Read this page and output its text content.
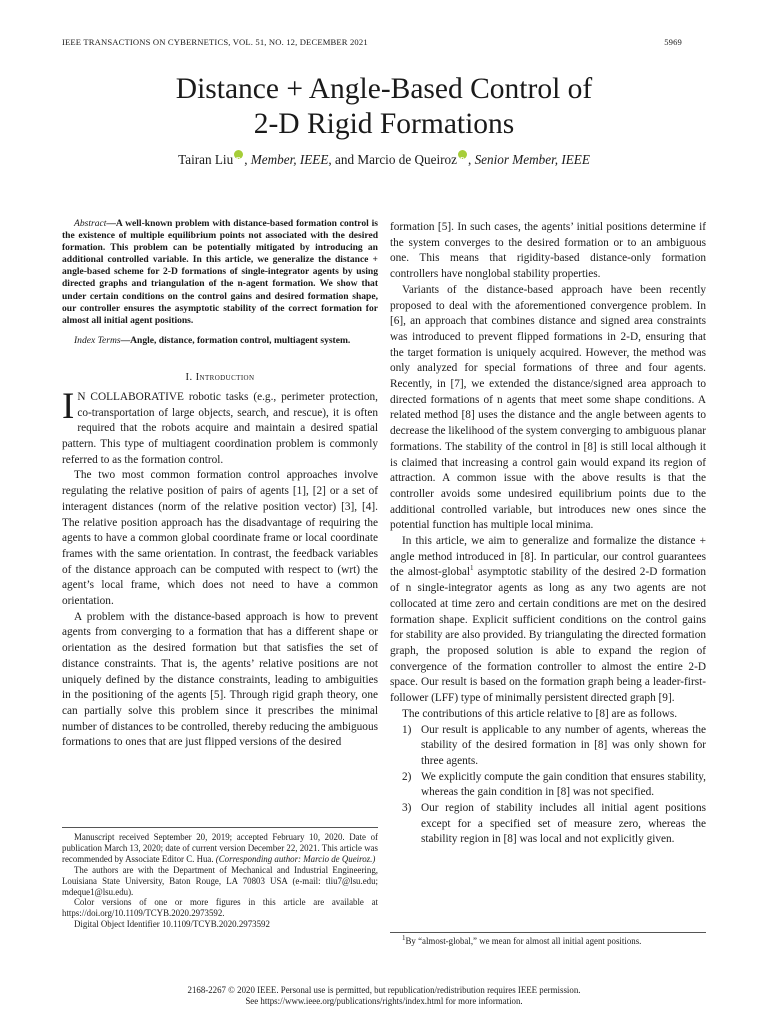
IEEE TRANSACTIONS ON CYBERNETICS, VOL. 51, NO. 12, DECEMBER 2021	5969
Distance + Angle-Based Control of
2-D Rigid Formations
Tairan Liu iD , Member, IEEE, and Marcio de Queiroz iD , Senior Member, IEEE

Abstract—A well-known problem with distance-based formation control is the existence of multiple equilibrium points not associated with the desired formation. This problem can be potentially mitigated by introducing an additional controlled variable. In this article, we generalize the distance + angle-based scheme for 2-D formations of single-integrator agents by using directed graphs and triangulation of the n-agent formation. We show that under certain conditions on the control gains and desired formation shape, our controller ensures the asymptotic stability of the correct formation for almost all initial agent positions.

Index Terms—Angle, distance, formation control, multiagent system.

I. Introduction

I N COLLABORATIVE robotic tasks (e.g., perimeter protection, co-transportation of large objects, search, and rescue), it is often required that the robots acquire and maintain a desired spatial pattern. This type of multiagent coordination problem is commonly referred to as the formation control.

The two most common formation control approaches involve regulating the relative position of pairs of agents [1], [2] or a set of interagent distances (norm of the relative position vector) [3], [4]. The relative position approach has the disadvantage of requiring the agents to have a common global coordinate frame or local coordinate frames with the same orientation. In contrast, the feedback variables of the distance approach can be computed with respect to (wrt) the agent’s local frame, which does not need to have a common orientation.

A problem with the distance-based approach is how to prevent agents from converging to a formation that has a different shape or orientation as the desired formation but that satisfies the set of distance constraints. That is, the agents’ relative positions are not uniquely defined by the distance constraints, leading to ambiguities in the positioning of the agents [5]. Through rigid graph theory, one can partially solve this problem since it prescribes the minimal number of distances to be controlled, thereby reducing the ambiguous formations to ones that are just flipped versions of the desired

Manuscript received September 20, 2019; accepted February 10, 2020. Date of publication March 13, 2020; date of current version December 22, 2021. This article was recommended by Associate Editor C. Hua. (Corresponding author: Marcio de Queiroz.)

The authors are with the Department of Mechanical and Industrial Engineering, Louisiana State University, Baton Rouge, LA 70803 USA (e-mail: tliu7@lsu.edu; mdeque1@lsu.edu).

Color versions of one or more figures in this article are available at https://doi.org/10.1109/TCYB.2020.2973592.

Digital Object Identifier 10.1109/TCYB.2020.2973592

formation [5]. In such cases, the agents’ initial positions determine if the system converges to the desired formation or to an ambiguous one. This means that rigidity-based distance-only formation controllers have nonglobal stability properties.

Variants of the distance-based approach have been recently proposed to deal with the aforementioned convergence problem. In [6], an approach that combines distance and signed area constraints was introduced to prevent flipped formations in 2-D, ensuring that the target formation is uniquely acquired. However, the method was only analyzed for special formations of three and four agents. Recently, in [7], we extended the distance/signed area approach to directed formations of n agents that meet some shape conditions. A related method [8] uses the distance and the angle between agents to decrease the likelihood of the system converging to ambiguous planar formations. The stability of the control in [8] is still local although it is claimed that increasing a control gain would expand its region of attraction. A common issue with the above results is that the controller avoids some undesired equilibrium points due to the additional controlled variable, but introduces new ones since the potential function has multiple local minima.

In this article, we aim to generalize and formalize the distance + angle method introduced in [8]. In particular, our control guarantees the almost-global$^1$ asymptotic stability of the desired 2-D formation of n single-integrator agents as long as any two agents are not collocated at time zero and certain conditions are met on the desired formation shape. Explicit sufficient conditions on the control gains for stability are also provided. By triangulating the directed formation graph, the proposed solution is able to expand the region of convergence of the formation controller to almost the entire 2-D space. Our result is based on the formation graph being a leader-first-follower (LFF) type of minimally persistent directed graph [9].

The contributions of this article relative to [8] are as follows.

1) Our result is applicable to any number of agents, whereas the stability of the desired formation in [8] was only shown for three agents.
2) We explicitly compute the gain condition that ensures stability, whereas the gain condition in [8] was not specified.
3) Our region of stability includes all initial agent positions except for a specified set of measure zero, whereas the stability region in [8] was local and not explicitly given.
$^1$By “almost-global,” we mean for almost all initial agent positions.
2168-2267 © 2020 IEEE. Personal use is permitted, but republication/redistribution requires IEEE permission.
See https://www.ieee.org/publications/rights/index.html for more information.
